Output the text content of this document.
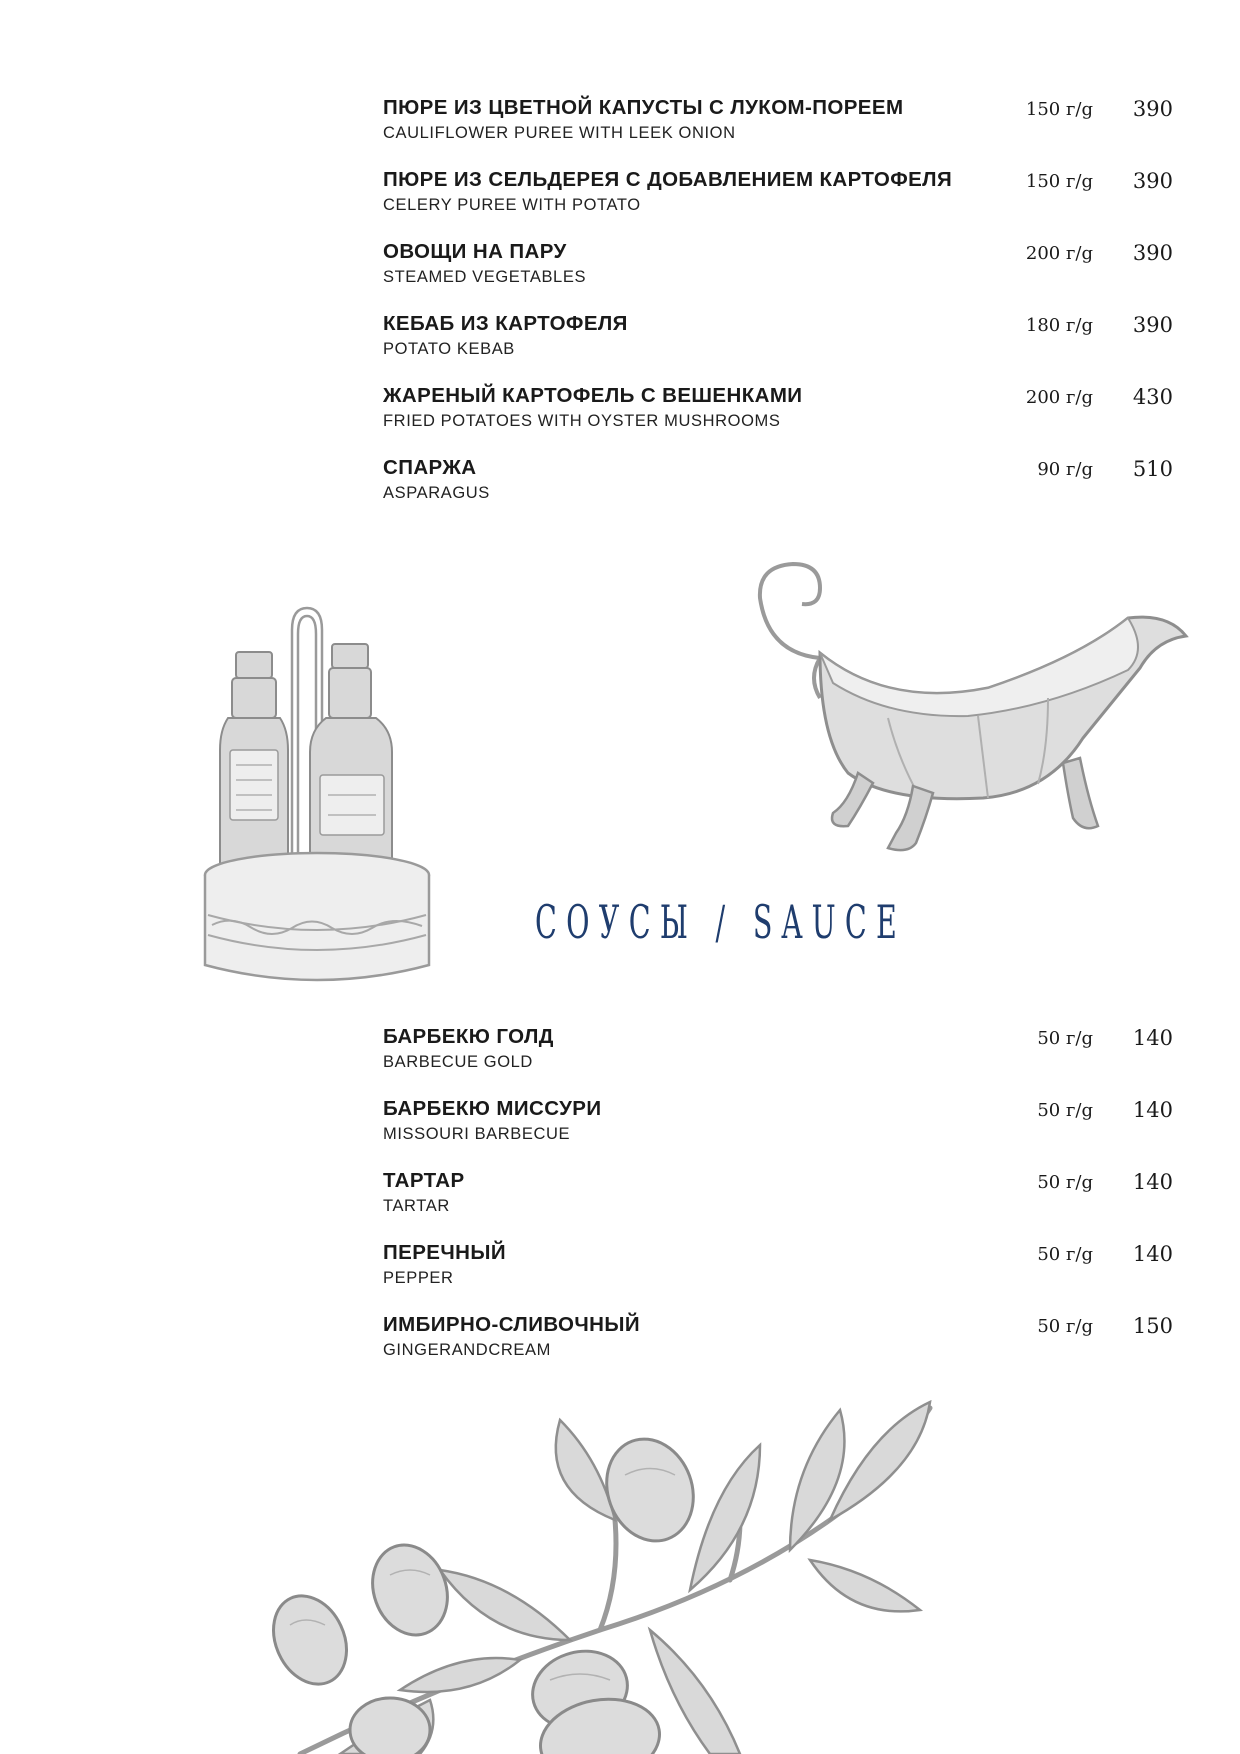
ПЮРЕ ИЗ ЦВЕТНОЙ КАПУСТЫ С ЛУКОМ-ПОРЕЕМ
CAULIFLOWER PUREE WITH LEEK ONION
150 г/g 390
ПЮРЕ ИЗ СЕЛЬДЕРЕЯ С ДОБАВЛЕНИЕМ КАРТОФЕЛЯ
CELERY PUREE WITH POTATO
150 г/g 390
ОВОЩИ НА ПАРУ
STEAMED VEGETABLES
200 г/g 390
КЕБАБ ИЗ КАРТОФЕЛЯ
POTATO KEBAB
180 г/g 390
ЖАРЕНЫЙ КАРТОФЕЛЬ С ВЕШЕНКАМИ
FRIED POTATOES WITH OYSTER MUSHROOMS
200 г/g 430
СПАРЖА
ASPARAGUS
90 г/g 510
СОУСЫ / SAUCE
БАРБЕКЮ ГОЛД
BARBECUE GOLD
50 г/g 140
БАРБЕКЮ МИССУРИ
MISSOURI BARBECUE
50 г/g 140
ТАРТАР
TARTAR
50 г/g 140
ПЕРЕЧНЫЙ
PEPPER
50 г/g 140
ИМБИРНО-СЛИВОЧНЫЙ
GINGERANDCREAM
50 г/g 150
